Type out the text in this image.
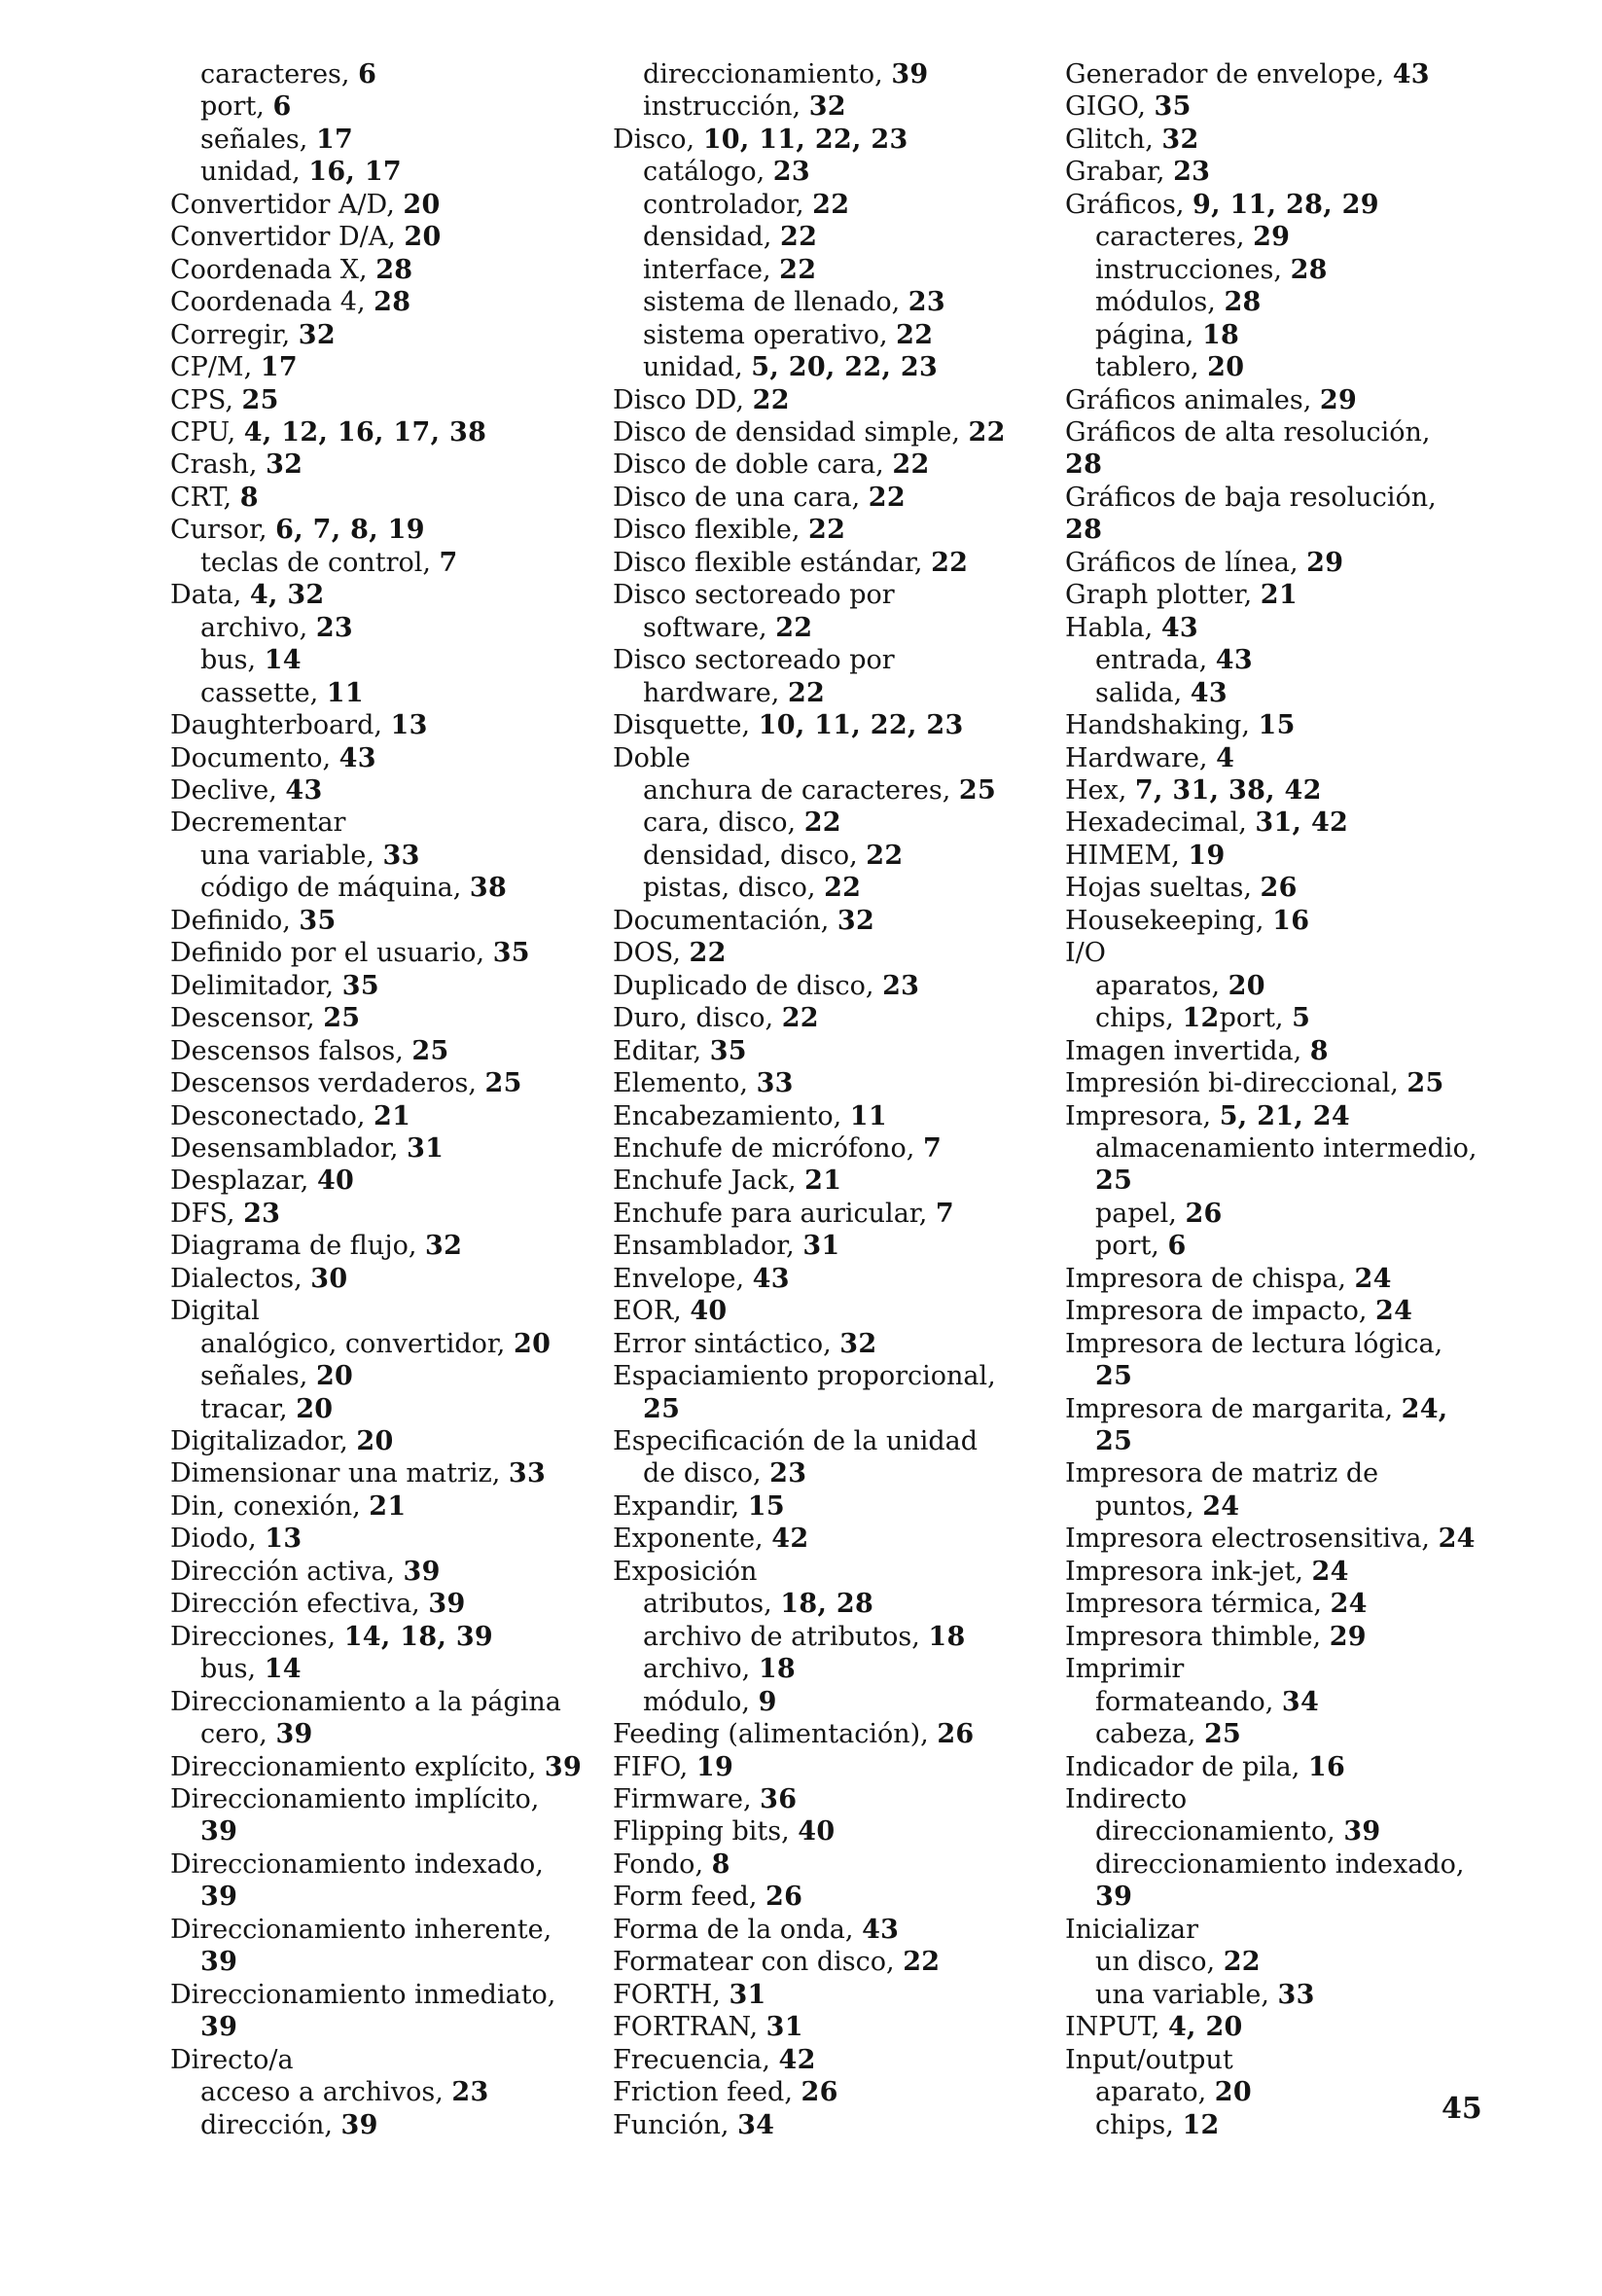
caracteres, 6
port, 6
señales, 17
unidad, 16, 17
Convertidor A/D, 20
Convertidor D/A, 20
Coordenada X, 28
Coordenada 4, 28
Corregir, 32
CP/M, 17
CPS, 25
CPU, 4, 12, 16, 17, 38
Crash, 32
CRT, 8
Cursor, 6, 7, 8, 19
teclas de control, 7
Data, 4, 32
archivo, 23
bus, 14
cassette, 11
Daughterboard, 13
Documento, 43
Declive, 43
Decrementar
una variable, 33
código de máquina, 38
Definido, 35
Definido por el usuario, 35
Delimitador, 35
Descensor, 25
Descensos falsos, 25
Descensos verdaderos, 25
Desconectado, 21
Desensamblador, 31
Desplazar, 40
DFS, 23
Diagrama de flujo, 32
Dialectos, 30
Digital
analógico, convertidor, 20
señales, 20
tracar, 20
Digitalizador, 20
Dimensionar una matriz, 33
Din, conexión, 21
Diodo, 13
Dirección activa, 39
Dirección efectiva, 39
Direcciones, 14, 18, 39
bus, 14
Direccionamiento a la página
cero, 39
Direccionamiento explícito, 39
Direccionamiento implícito,
39
Direccionamiento indexado,
39
Direccionamiento inherente,
39
Direccionamiento inmediato,
39
Directo/a
acceso a archivos, 23
dirección, 39
direccionamiento, 39
instrucción, 32
Disco, 10, 11, 22, 23
catálogo, 23
controlador, 22
densidad, 22
interface, 22
sistema de llenado, 23
sistema operativo, 22
unidad, 5, 20, 22, 23
Disco DD, 22
Disco de densidad simple, 22
Disco de doble cara, 22
Disco de una cara, 22
Disco flexible, 22
Disco flexible estándar, 22
Disco sectoreado por
software, 22
Disco sectoreado por
hardware, 22
Disquette, 10, 11, 22, 23
Doble
anchura de caracteres, 25
cara, disco, 22
densidad, disco, 22
pistas, disco, 22
Documentación, 32
DOS, 22
Duplicado de disco, 23
Duro, disco, 22
Editar, 35
Elemento, 33
Encabezamiento, 11
Enchufe de micrófono, 7
Enchufe Jack, 21
Enchufe para auricular, 7
Ensamblador, 31
Envelope, 43
EOR, 40
Error sintáctico, 32
Espaciamiento proporcional,
25
Especificación de la unidad
de disco, 23
Expandir, 15
Exponente, 42
Exposición
atributos, 18, 28
archivo de atributos, 18
archivo, 18
módulo, 9
Feeding (alimentación), 26
FIFO, 19
Firmware, 36
Flipping bits, 40
Fondo, 8
Form feed, 26
Forma de la onda, 43
Formatear con disco, 22
FORTH, 31
FORTRAN, 31
Frecuencia, 42
Friction feed, 26
Función, 34
Generador de envelope, 43
GIGO, 35
Glitch, 32
Grabar, 23
Gráficos, 9, 11, 28, 29
caracteres, 29
instrucciones, 28
módulos, 28
página, 18
tablero, 20
Gráficos animales, 29
Gráficos de alta resolución,
28
Gráficos de baja resolución,
28
Gráficos de línea, 29
Graph plotter, 21
Habla, 43
entrada, 43
salida, 43
Handshaking, 15
Hardware, 4
Hex, 7, 31, 38, 42
Hexadecimal, 31, 42
HIMEM, 19
Hojas sueltas, 26
Housekeeping, 16
I/O
aparatos, 20
chips, 12port, 5
Imagen invertida, 8
Impresión bi-direccional, 25
Impresora, 5, 21, 24
almacenamiento intermedio,
25
papel, 26
port, 6
Impresora de chispa, 24
Impresora de impacto, 24
Impresora de lectura lógica,
25
Impresora de margarita, 24,
25
Impresora de matriz de
puntos, 24
Impresora electrosensitiva, 24
Impresora ink-jet, 24
Impresora térmica, 24
Impresora thimble, 29
Imprimir
formateando, 34
cabeza, 25
Indicador de pila, 16
Indirecto
direccionamiento, 39
direccionamiento indexado,
39
Inicializar
un disco, 22
una variable, 33
INPUT, 4, 20
Input/output
aparato, 20
chips, 12	45
